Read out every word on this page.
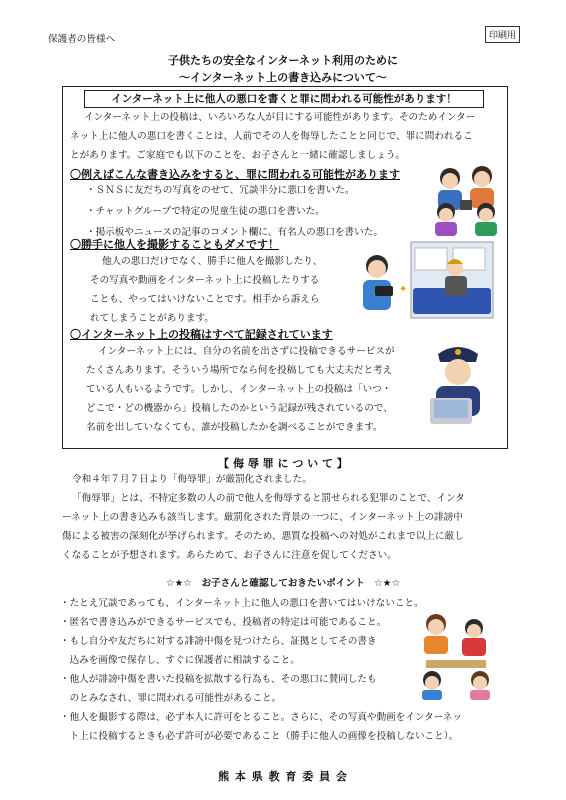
保護者の皆様へ	印刷用
子供たちの安全なインターネット利用のために
～インターネット上の書き込みについて～
インターネット上に他人の悪口を書くと罪に問われる可能性があります！
インターネット上の投稿は、いろいろな人が目にする可能性があります。そのためインター
ネット上に他人の悪口を書くことは、人前でその人を侮辱したことと同じで、罪に問われるこ
とがあります。ご家庭でも以下のことを、お子さんと一緒に確認しましょう。
〇例えばこんな書き込みをすると、罪に問われる可能性があります
・ＳＮＳに友だちの写真をのせて、冗談半分に悪口を書いた。
・チャットグループで特定の児童生徒の悪口を書いた。
・掲示板やニュースの記事のコメント欄に、有名人の悪口を書いた。
〇勝手に他人を撮影することもダメです！
他人の悪口だけでなく、勝手に他人を撮影したり、
その写真や動画をインターネット上に投稿したりする
ことも、やってはいけないことです。相手から訴えら
れてしまうことがあります。
〇インターネット上の投稿はすべて記録されています
インターネット上には、自分の名前を出さずに投稿できるサービスが
たくさんあります。そういう場所でなら何を投稿しても大丈夫だと考え
ている人もいるようです。しかし、インターネット上の投稿は「いつ・
どこで・どの機器から」投稿したのかという記録が残されているので、
名前を出していなくても、誰が投稿したかを調べることができます。
【 侮 辱 罪 に つ い て 】
令和４年７月７日より「侮辱罪」が厳罰化されました。
「侮辱罪」とは、不特定多数の人の前で他人を侮辱すると罰せられる犯罪のことで、インタ
ーネット上の書き込みも該当します。厳罰化された背景の一つに、インターネット上の誹謗中
傷による被害の深刻化が挙げられます。そのため、悪質な投稿への対処がこれまで以上に厳し
くなることが予想されます。あらためて、お子さんに注意を促してください。
☆★☆　お子さんと確認しておきたいポイント　☆★☆
・たとえ冗談であっても、インターネット上に他人の悪口を書いてはいけないこと。
・匿名で書き込みができるサービスでも、投稿者の特定は可能であること。
・もし自分や友だちに対する誹謗中傷を見つけたら、証拠としてその書き
　込みを画像で保存し、すぐに保護者に相談すること。
・他人が誹謗中傷を書いた投稿を拡散する行為も、その悪口に賛同したも
　のとみなされ、罪に問われる可能性があること。
・他人を撮影する際は、必ず本人に許可をとること。さらに、その写真や動画をインターネッ
　ト上に投稿するときも必ず許可が必要であること（勝手に他人の画像を投稿しないこと）。
熊 本 県 教 育 委 員 会
✦
